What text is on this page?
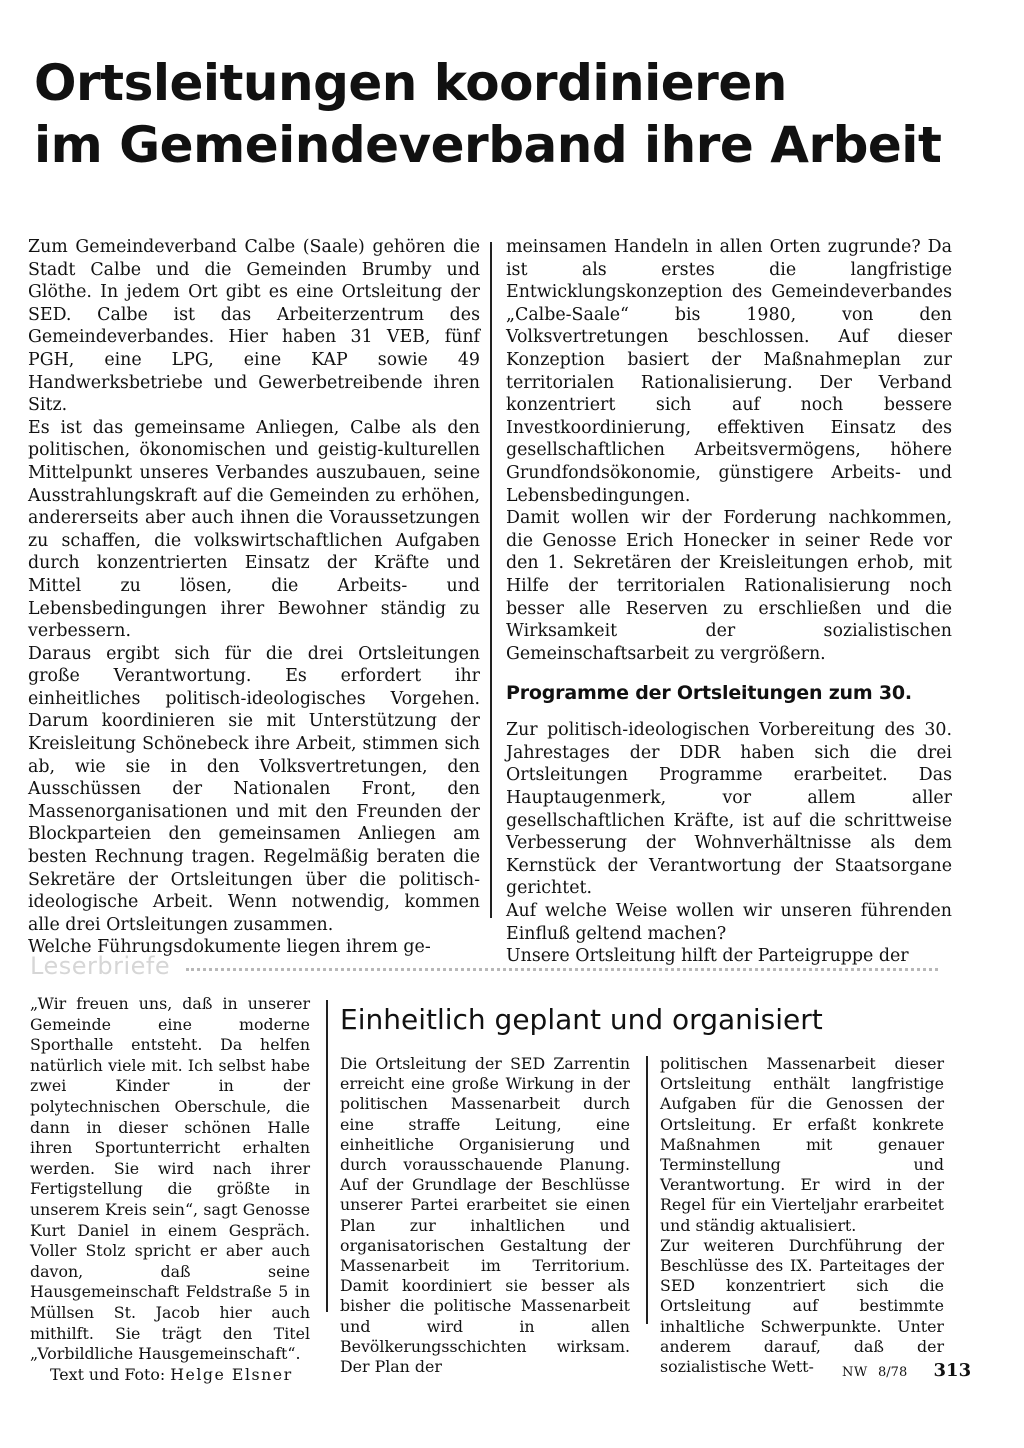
Ortsleitungen koordinieren
im Gemeindeverband ihre Arbeit

Zum Gemeindeverband Calbe (Saale) gehören die Stadt Calbe und die Gemeinden Brumby und Glöthe. In jedem Ort gibt es eine Ortsleitung der SED. Calbe ist das Arbeiterzentrum des Gemeindeverbandes. Hier haben 31 VEB, fünf PGH, eine LPG, eine KAP sowie 49 Handwerksbetriebe und Gewerbetreibende ihren Sitz.

Es ist das gemeinsame Anliegen, Calbe als den politischen, ökonomischen und geistig-kulturellen Mittelpunkt unseres Verbandes auszubauen, seine Ausstrahlungskraft auf die Gemeinden zu erhöhen, andererseits aber auch ihnen die Voraussetzungen zu schaffen, die volkswirtschaftlichen Aufgaben durch konzentrierten Einsatz der Kräfte und Mittel zu lösen, die Arbeits- und Lebensbedingungen ihrer Bewohner ständig zu verbessern.

Daraus ergibt sich für die drei Ortsleitungen große Verantwortung. Es erfordert ihr einheitliches politisch-ideologisches Vorgehen. Darum koordinieren sie mit Unterstützung der Kreisleitung Schönebeck ihre Arbeit, stimmen sich ab, wie sie in den Volksvertretungen, den Ausschüssen der Nationalen Front, den Massenorganisationen und mit den Freunden der Blockparteien den gemeinsamen Anliegen am besten Rechnung tragen. Regelmäßig beraten die Sekretäre der Ortsleitungen über die politisch-ideologische Arbeit. Wenn notwendig, kommen alle drei Ortsleitungen zusammen.

Welche Führungsdokumente liegen ihrem ge-

meinsamen Handeln in allen Orten zugrunde? Da ist als erstes die langfristige Entwicklungskonzeption des Gemeindeverbandes „Calbe-Saale“ bis 1980, von den Volksvertretungen beschlossen. Auf dieser Konzeption basiert der Maßnahmeplan zur territorialen Rationalisierung. Der Verband konzentriert sich auf noch bessere Investkoordinierung, effektiven Einsatz des gesellschaftlichen Arbeitsvermögens, höhere Grundfondsökonomie, günstigere Arbeits- und Lebensbedingungen.

Damit wollen wir der Forderung nachkommen, die Genosse Erich Honecker in seiner Rede vor den 1. Sekretären der Kreisleitungen erhob, mit Hilfe der territorialen Rationalisierung noch besser alle Reserven zu erschließen und die Wirksamkeit der sozialistischen Gemeinschaftsarbeit zu vergrößern.

Programme der Ortsleitungen zum 30.

Zur politisch-ideologischen Vorbereitung des 30. Jahrestages der DDR haben sich die drei Ortsleitungen Programme erarbeitet. Das Hauptaugenmerk, vor allem aller gesellschaftlichen Kräfte, ist auf die schrittweise Verbesserung der Wohnverhältnisse als dem Kernstück der Verantwortung der Staatsorgane gerichtet.

Auf welche Weise wollen wir unseren führenden Einfluß geltend machen?

Unsere Ortsleitung hilft der Parteigruppe der

Leserbriefe

„Wir freuen uns, daß in unserer Gemeinde eine moderne Sporthalle entsteht. Da helfen natürlich viele mit. Ich selbst habe zwei Kinder in der polytechnischen Oberschule, die dann in dieser schönen Halle ihren Sportunterricht erhalten werden. Sie wird nach ihrer Fertigstellung die größte in unserem Kreis sein“, sagt Genosse Kurt Daniel in einem Gespräch. Voller Stolz spricht er aber auch davon, daß seine Hausgemeinschaft Feldstraße 5 in Müllsen St. Jacob hier auch mithilft. Sie trägt den Titel „Vorbildliche Hausgemeinschaft“.

Text und Foto: Helge Elsner

Einheitlich geplant und organisiert

Die Ortsleitung der SED Zarrentin erreicht eine große Wirkung in der politischen Massenarbeit durch eine straffe Leitung, eine einheitliche Organisierung und durch vorausschauende Planung. Auf der Grundlage der Beschlüsse unserer Partei erarbeitet sie einen Plan zur inhaltlichen und organisatorischen Gestaltung der Massenarbeit im Territorium. Damit koordiniert sie besser als bisher die politische Massenarbeit und wird in allen Bevölkerungsschichten wirksam. Der Plan der

politischen Massenarbeit dieser Ortsleitung enthält langfristige Aufgaben für die Genossen der Ortsleitung. Er erfaßt konkrete Maßnahmen mit genauer Terminstellung und Verantwortung. Er wird in der Regel für ein Vierteljahr erarbeitet und ständig aktualisiert.

Zur weiteren Durchführung der Beschlüsse des IX. Parteitages der SED konzentriert sich die Ortsleitung auf bestimmte inhaltliche Schwerpunkte. Unter anderem darauf, daß der sozialistische Wett-	NW 8/78 313
